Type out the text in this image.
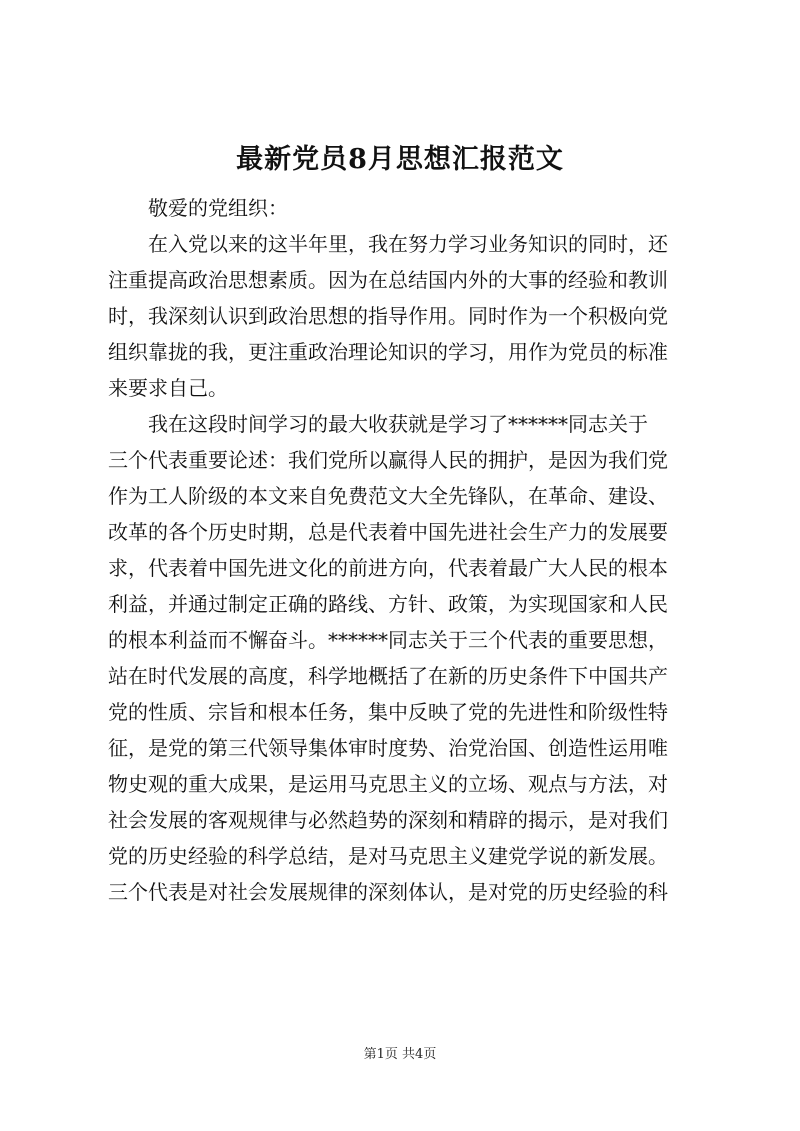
最新党员8月思想汇报范文
　　敬爱的党组织：
　　在入党以来的这半年里，我在努力学习业务知识的同时，还
注重提高政治思想素质。因为在总结国内外的大事的经验和教训
时，我深刻认识到政治思想的指导作用。同时作为一个积极向党
组织靠拢的我，更注重政治理论知识的学习，用作为党员的标准
来要求自己。
　　我在这段时间学习的最大收获就是学习了******同志关于
三个代表重要论述：我们党所以赢得人民的拥护，是因为我们党
作为工人阶级的本文来自免费范文大全先锋队，在革命、建设、
改革的各个历史时期，总是代表着中国先进社会生产力的发展要
求，代表着中国先进文化的前进方向，代表着最广大人民的根本
利益，并通过制定正确的路线、方针、政策，为实现国家和人民
的根本利益而不懈奋斗。******同志关于三个代表的重要思想，
站在时代发展的高度，科学地概括了在新的历史条件下中国共产
党的性质、宗旨和根本任务，集中反映了党的先进性和阶级性特
征，是党的第三代领导集体审时度势、治党治国、创造性运用唯
物史观的重大成果，是运用马克思主义的立场、观点与方法，对
社会发展的客观规律与必然趋势的深刻和精辟的揭示，是对我们
党的历史经验的科学总结，是对马克思主义建党学说的新发展。
三个代表是对社会发展规律的深刻体认，是对党的历史经验的科
第1页 共4页
